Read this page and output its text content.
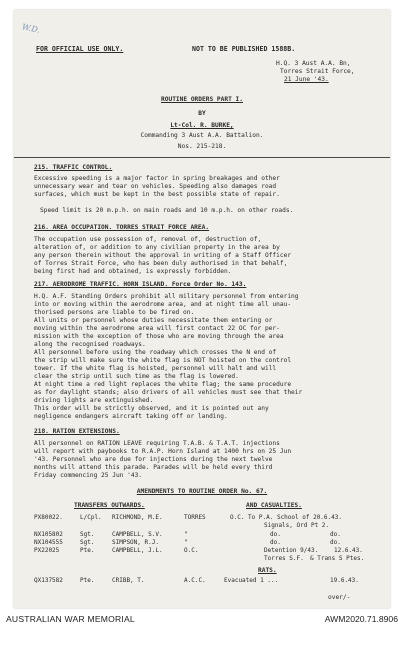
W.D.
FOR OFFICIAL USE ONLY.	NOT TO BE PUBLISHED 1588B.
H.Q. 3 Aust A.A. Bn,
Torres Strait Force,
21 June '43.
ROUTINE ORDERS PART I.
BY
Lt-Col. R. BURKE,
Commanding 3 Aust A.A. Battalion.
Nos. 215-218.
215. TRAFFIC CONTROL.
Excessive speeding is a major factor in spring breakages and other
unnecessary wear and tear on vehicles. Speeding also damages road
surfaces, which must be kept in the best possible state of repair.
Speed limit is 20 m.p.h. on main roads and 10 m.p.h. on other roads.
216. AREA OCCUPATION. TORRES STRAIT FORCE AREA.
The occupation use possession of, removal of, destruction of,
alteration of, or addition to any civilian property in the area by
any person therein without the approval in writing of a Staff Officer
of Torres Strait Force, who has been duly authorised in that behalf,
being first had and obtained, is expressly forbidden.
217. AERODROME TRAFFIC. HORN ISLAND. Force Order No. 143.
H.Q. A.F. Standing Orders prohibit all military personnel from entering
into or moving within the aerodrome area, and at night time all unau-
thorised persons are liable to be fired on.
All units or personnel whose duties necessitate them entering or
moving within the aerodrome area will first contact 22 OC for per-
mission with the exception of those who are moving through the area
along the recognised roadways.
All personnel before using the roadway which crosses the N end of
the strip will make sure the white flag is NOT hoisted on the control
tower. If the white flag is hoisted, personnel will halt and will
clear the strip until such time as the flag is lowered.
At night time a red light replaces the white flag; the same procedure
as for daylight stands; also drivers of all vehicles must see that their
driving lights are extinguished.
This order will be strictly observed, and it is pointed out any
negligence endangers aircraft taking off or landing.
218. RATION EXTENSIONS.
All personnel on RATION LEAVE requiring T.A.B. & T.A.T. injections
will report with paybooks to R.A.P. Horn Island at 1400 hrs on 25 Jun
'43. Personnel who are due for injections during the next twelve
months will attend this parade. Parades will be held every third
Friday commencing 25 Jun '43.
AMENDMENTS TO ROUTINE ORDER No. 67.
TRANSFERS OUTWARDS.	AND CASUALTIES.
PX80022.	L/Cpl. RICHMOND, M.E.	TORRES	O.C. To P.A. School of 20.6.43.
Signals, Ord Pt 2.
NX105802	Sgt.	CAMPBELL, S.V.	"	do.	do.
NX104555	Sgt.	SIMPSON, R.J.	"	do.	do.
PX22025	Pte.	CAMPBELL, J.L.	O.C.	Detention 9/43.	12.6.43.
Torres S.F. & Trans S Ptes.
RATS.
QX137582	Pte.	CRIBB, T.	A.C.C.	Evacuated 1 ...	19.6.43.
over/-
AUSTRALIAN WAR MEMORIAL	AWM2020.71.8906
